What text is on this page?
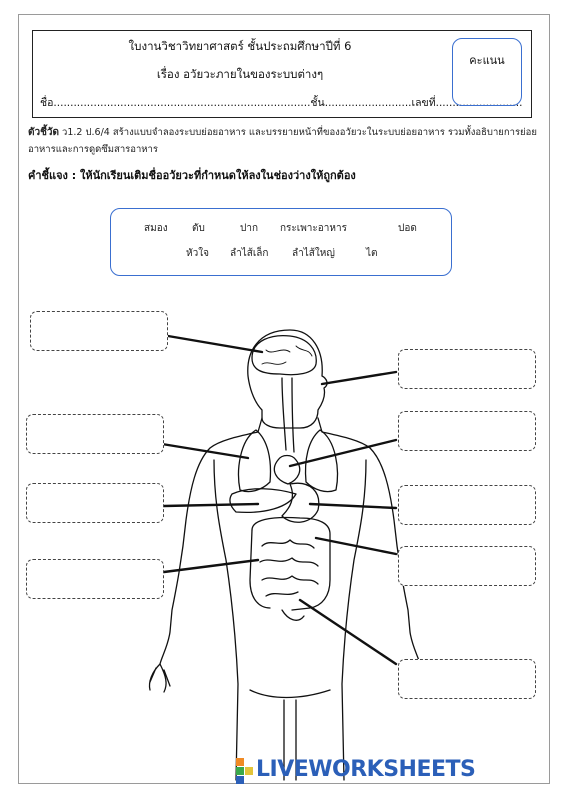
ใบงานวิชาวิทยาศาสตร์ ชั้นประถมศึกษาปีที่ 6
เรื่อง อวัยวะภายในของระบบต่างๆ
ชื่อ.............................................................................ชั้น..........................เลขที่..........................
คะแนน
ตัวชี้วัด ว1.2 ป.6/4 สร้างแบบจำลองระบบย่อยอาหาร และบรรยายหน้าที่ของอวัยวะในระบบย่อยอาหาร รวมทั้งอธิบายการย่อยอาหารและการดูดซึมสารอาหาร
คำชี้แจง : ให้นักเรียนเติมชื่ออวัยวะที่กำหนดให้ลงในช่องว่างให้ถูกต้อง
สมอง ตับ	ปาก กระเพาะอาหาร	ปอด
หัวใจ ลำไส้เล็ก ลำไส้ใหญ่	ไต
LIVEWORKSHEETS
